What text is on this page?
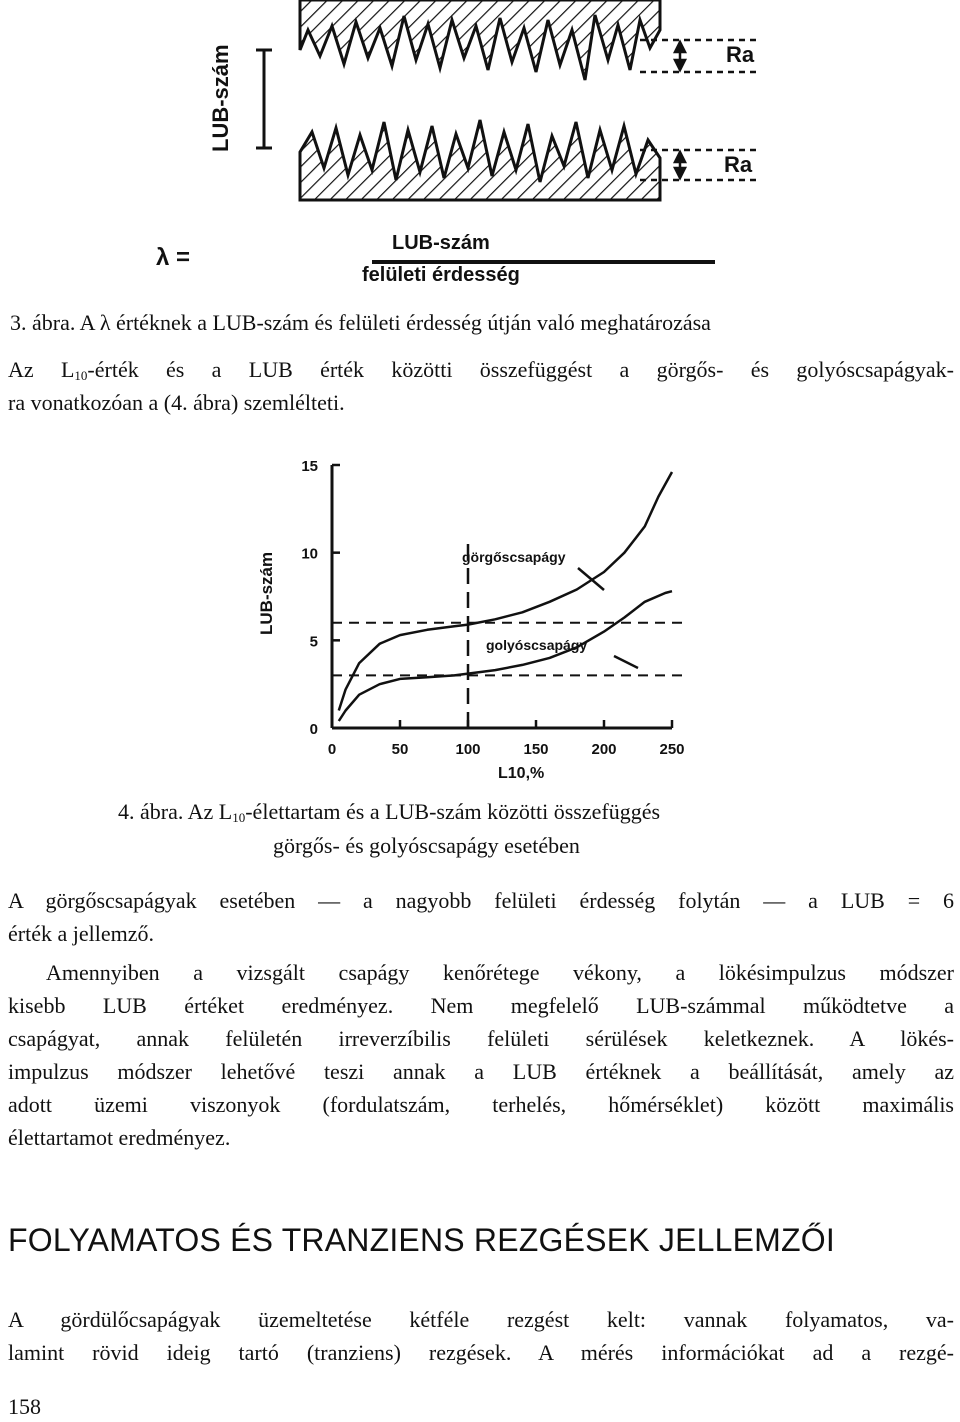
LUB-szám	Ra
Ra
λ =
LUB-szám
felületi érdesség
3. ábra. A λ értéknek a LUB-szám és felületi érdesség útján való meghatározása
Az $L_{10}$-érték és a LUB érték közötti összefüggést a görgős- és golyóscsapágyak-
ra vonatkozóan a (4. ábra) szemlélteti.
0	50	100	150	200	250
0
5
10
15
görgőscsapágy
golyóscsapágy
LUB-szám
L10,%
4. ábra. Az $L_{10}$-élettartam és a LUB-szám közötti összefüggés
görgős- és golyóscsapágy esetében
A görgőscsapágyak esetében — a nagyobb felületi érdesség folytán — a LUB = 6
érték a jellemző.
Amennyiben a vizsgált csapágy kenőrétege vékony, a lökésimpulzus módszer
kisebb LUB értéket eredményez. Nem megfelelő LUB-számmal működtetve a
csapágyat, annak felületén irreverzíbilis felületi sérülések keletkeznek. A lökés-
impulzus módszer lehetővé teszi annak a LUB értéknek a beállítását, amely az
adott üzemi viszonyok (fordulatszám, terhelés, hőmérséklet) között maximális
élettartamot eredményez.
FOLYAMATOS ÉS TRANZIENS REZGÉSEK JELLEMZŐI
A gördülőcsapágyak üzemeltetése kétféle rezgést kelt: vannak folyamatos, va-
lamint rövid ideig tartó (tranziens) rezgések. A mérés információkat ad a rezgé-
158
